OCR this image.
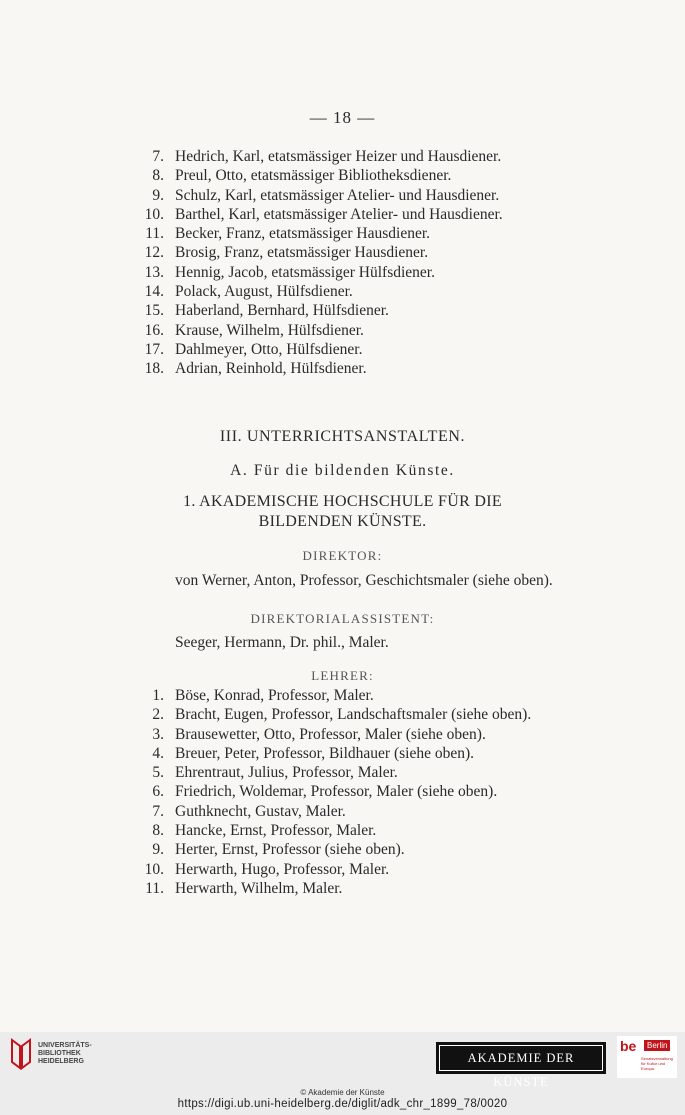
— 18 —
7. Hedrich, Karl, etatsmässiger Heizer und Hausdiener.
8. Preul, Otto, etatsmässiger Bibliotheksdiener.
9. Schulz, Karl, etatsmässiger Atelier- und Hausdiener.
10. Barthel, Karl, etatsmässiger Atelier- und Hausdiener.
11. Becker, Franz, etatsmässiger Hausdiener.
12. Brosig, Franz, etatsmässiger Hausdiener.
13. Hennig, Jacob, etatsmässiger Hülfsdiener.
14. Polack, August, Hülfsdiener.
15. Haberland, Bernhard, Hülfsdiener.
16. Krause, Wilhelm, Hülfsdiener.
17. Dahlmeyer, Otto, Hülfsdiener.
18. Adrian, Reinhold, Hülfsdiener.
III. UNTERRICHTSANSTALTEN.
A. Für die bildenden Künste.
1. AKADEMISCHE HOCHSCHULE FÜR DIE
BILDENDEN KÜNSTE.
DIREKTOR:
von Werner, Anton, Professor, Geschichtsmaler (siehe oben).
DIREKTORIALASSISTENT:
Seeger, Hermann, Dr. phil., Maler.
LEHRER:
1. Böse, Konrad, Professor, Maler.
2. Bracht, Eugen, Professor, Landschaftsmaler (siehe oben).
3. Brausewetter, Otto, Professor, Maler (siehe oben).
4. Breuer, Peter, Professor, Bildhauer (siehe oben).
5. Ehrentraut, Julius, Professor, Maler.
6. Friedrich, Woldemar, Professor, Maler (siehe oben).
7. Guthknecht, Gustav, Maler.
8. Hancke, Ernst, Professor, Maler.
9. Herter, Ernst, Professor (siehe oben).
10. Herwarth, Hugo, Professor, Maler.
11. Herwarth, Wilhelm, Maler.
UNIVERSITÄTS-
BIBLIOTHEK
HEIDELBERG	AKADEMIE DER KÜNSTE
be	Berlin
Senatsverwaltung für Kultur und Europa
© Akademie der Künste
https://digi.ub.uni-heidelberg.de/diglit/adk_chr_1899_78/0020
